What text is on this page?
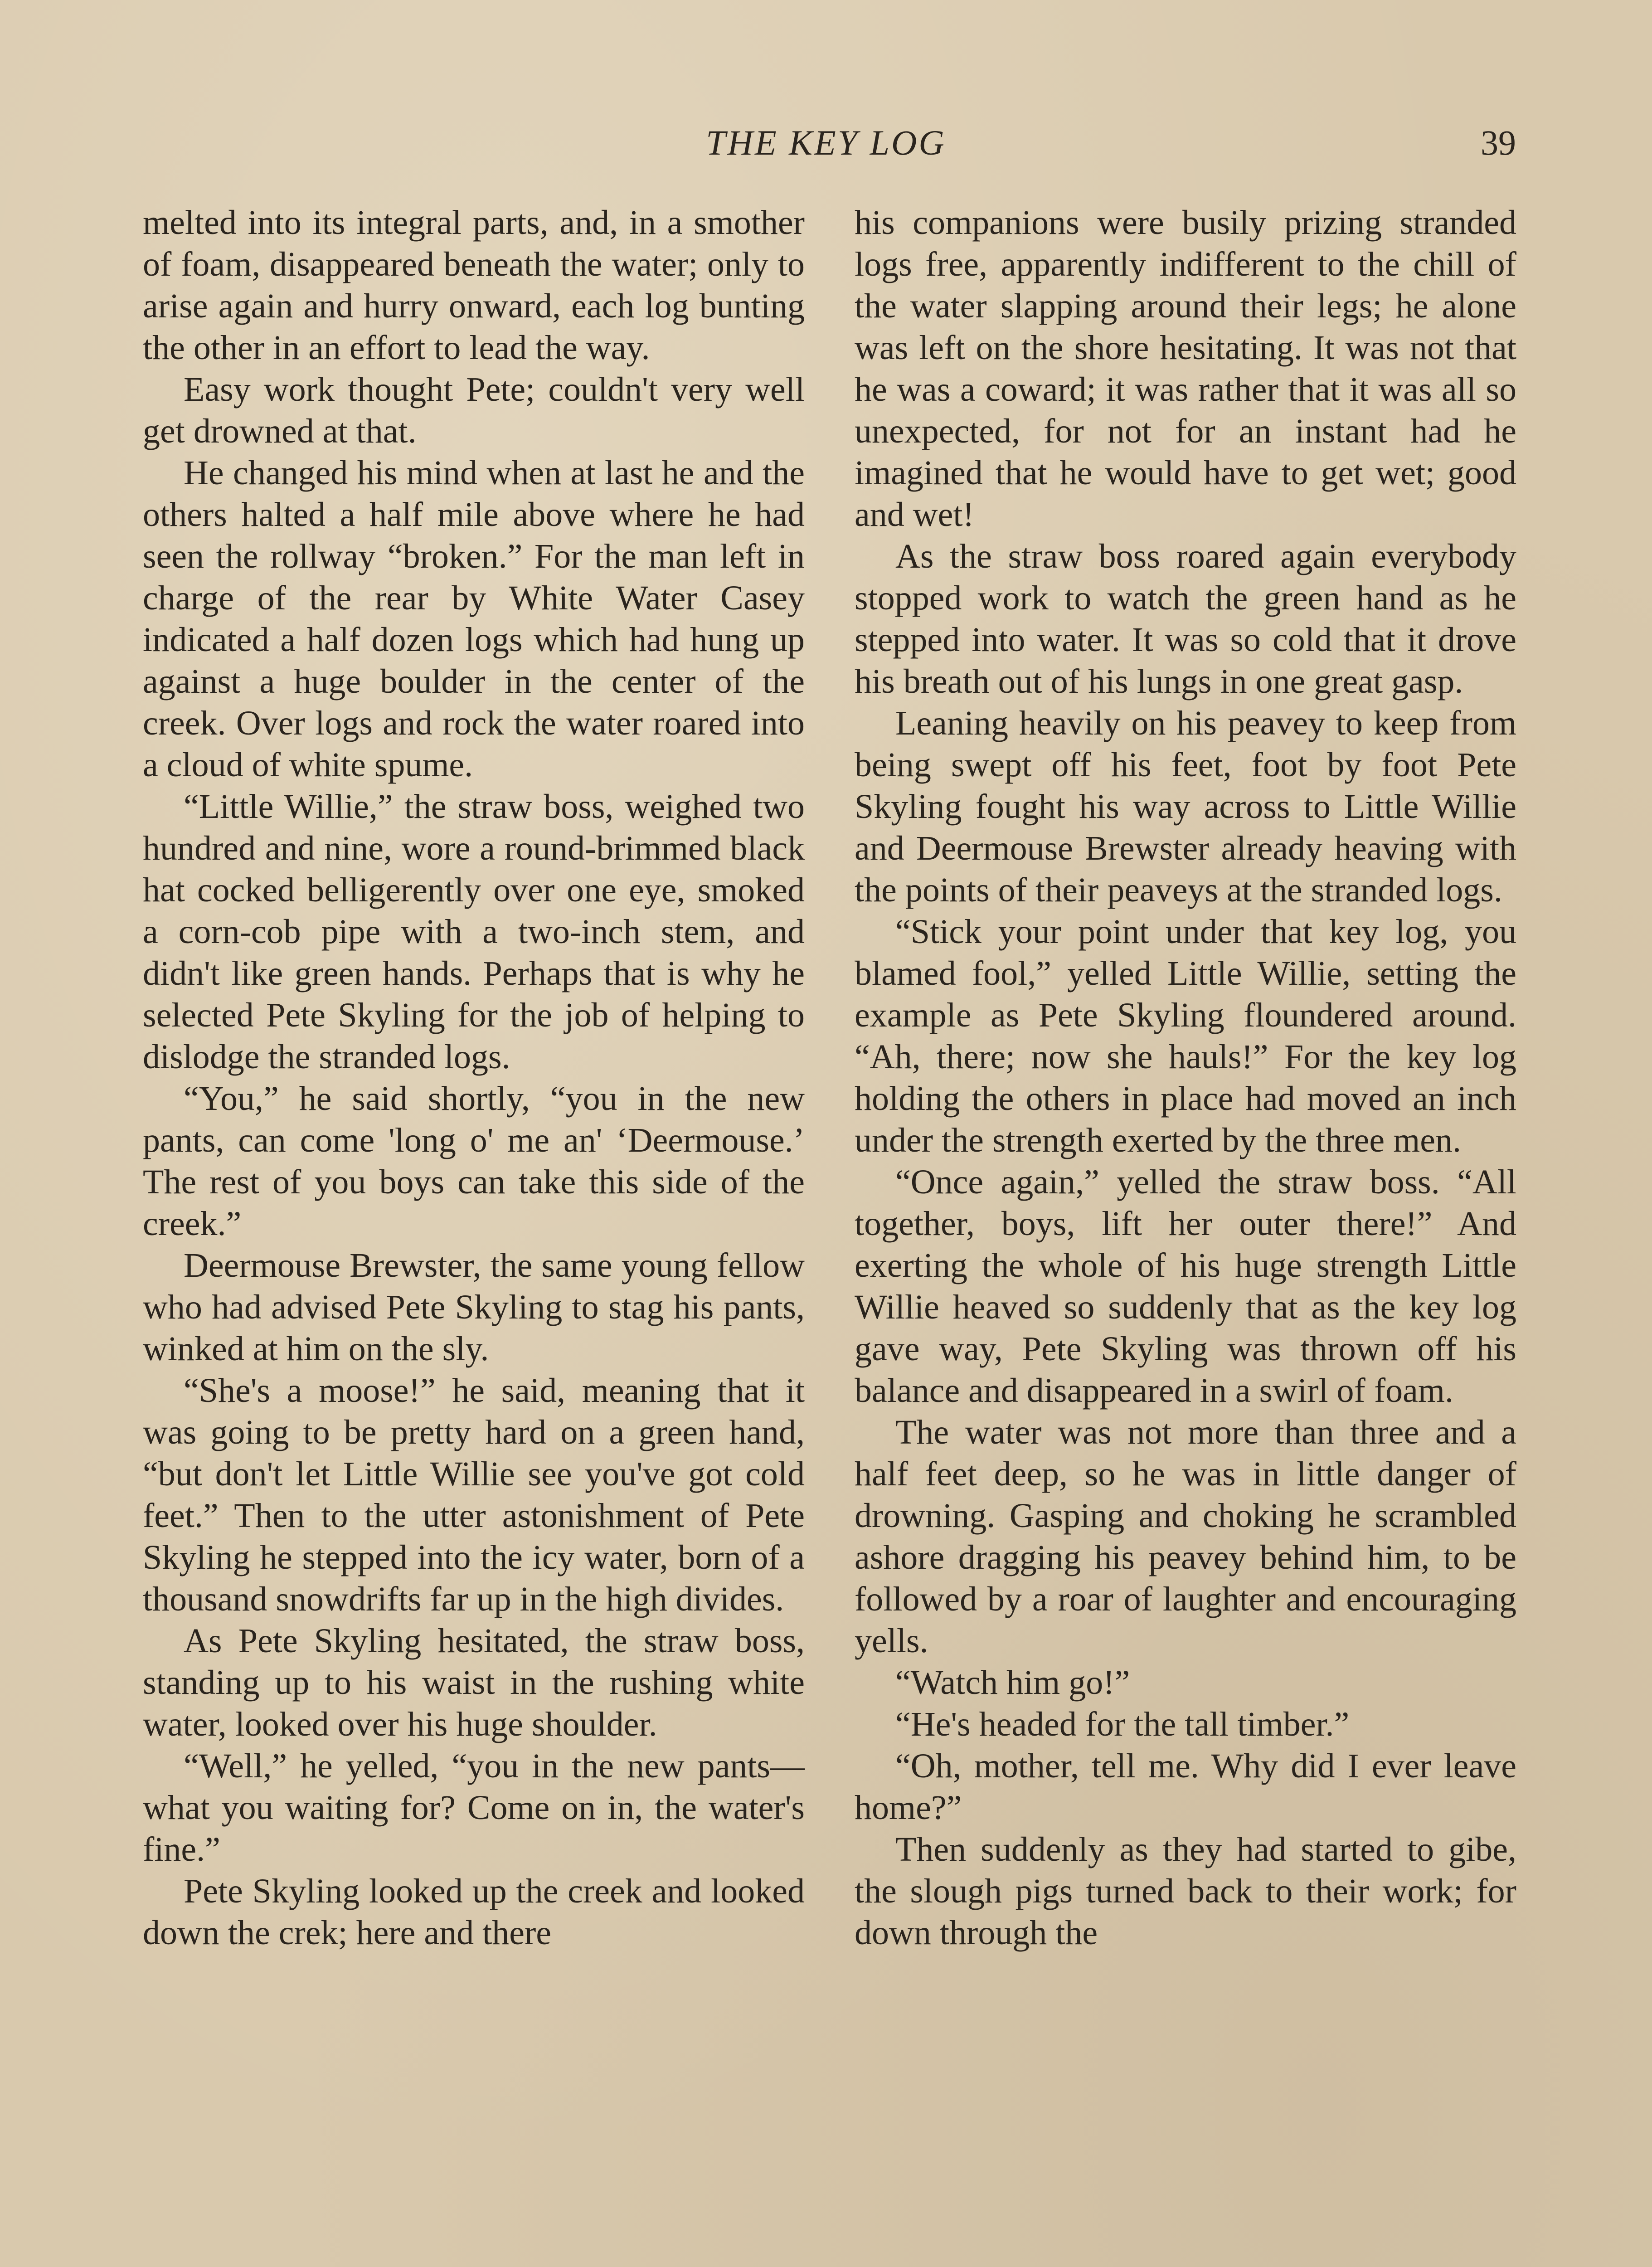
THE KEY LOG	39

melted into its integral parts, and, in a smother of foam, disappeared beneath the water; only to arise again and hurry onward, each log bunting the other in an effort to lead the way.

Easy work thought Pete; couldn't very well get drowned at that.

He changed his mind when at last he and the others halted a half mile above where he had seen the rollway “broken.” For the man left in charge of the rear by White Water Casey indicated a half dozen logs which had hung up against a huge boulder in the center of the creek. Over logs and rock the water roared into a cloud of white spume.

“Little Willie,” the straw boss, weighed two hundred and nine, wore a round-brimmed black hat cocked belligerently over one eye, smoked a corn-cob pipe with a two-inch stem, and didn't like green hands. Perhaps that is why he selected Pete Skyling for the job of helping to dislodge the stranded logs.

“You,” he said shortly, “you in the new pants, can come 'long o' me an' ‘Deermouse.’ The rest of you boys can take this side of the creek.”

Deermouse Brewster, the same young fellow who had advised Pete Skyling to stag his pants, winked at him on the sly.

“She's a moose!” he said, meaning that it was going to be pretty hard on a green hand, “but don't let Little Willie see you've got cold feet.” Then to the utter astonishment of Pete Skyling he stepped into the icy water, born of a thousand snowdrifts far up in the high divides.

As Pete Skyling hesitated, the straw boss, standing up to his waist in the rushing white water, looked over his huge shoulder.

“Well,” he yelled, “you in the new pants—what you waiting for? Come on in, the water's fine.”

Pete Skyling looked up the creek and looked down the crek; here and there

his companions were busily prizing stranded logs free, apparently indifferent to the chill of the water slapping around their legs; he alone was left on the shore hesitating. It was not that he was a coward; it was rather that it was all so unexpected, for not for an instant had he imagined that he would have to get wet; good and wet!

As the straw boss roared again everybody stopped work to watch the green hand as he stepped into water. It was so cold that it drove his breath out of his lungs in one great gasp.

Leaning heavily on his peavey to keep from being swept off his feet, foot by foot Pete Skyling fought his way across to Little Willie and Deermouse Brewster already heaving with the points of their peaveys at the stranded logs.

“Stick your point under that key log, you blamed fool,” yelled Little Willie, setting the example as Pete Skyling floundered around. “Ah, there; now she hauls!” For the key log holding the others in place had moved an inch under the strength exerted by the three men.

“Once again,” yelled the straw boss. “All together, boys, lift her outer there!” And exerting the whole of his huge strength Little Willie heaved so suddenly that as the key log gave way, Pete Skyling was thrown off his balance and disappeared in a swirl of foam.

The water was not more than three and a half feet deep, so he was in little danger of drowning. Gasping and choking he scrambled ashore dragging his peavey behind him, to be followed by a roar of laughter and encouraging yells.

“Watch him go!”

“He's headed for the tall timber.”

“Oh, mother, tell me. Why did I ever leave home?”

Then suddenly as they had started to gibe, the slough pigs turned back to their work; for down through the
